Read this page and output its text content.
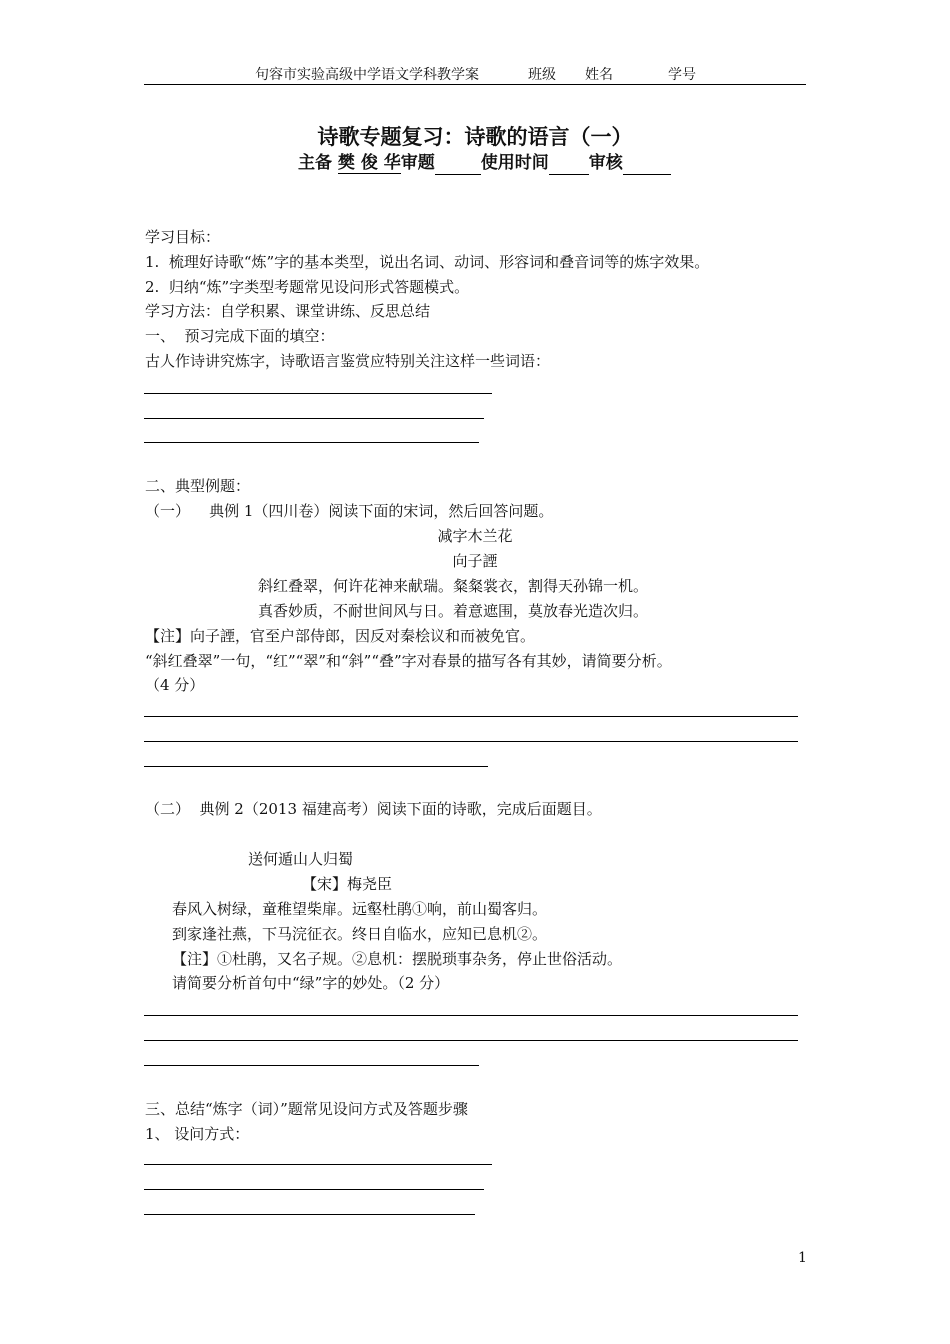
句容市实验高级中学语文学科教学案	班级 姓名	学号
诗歌专题复习：诗歌的语言（一）
主备 樊 俊 华审题	使用时间 审核
学习目标：
1.  梳理好诗歌“炼”字的基本类型，说出名词、动词、形容词和叠音词等的炼字效果。
2.  归纳“炼”字类型考题常见设问形式答题模式。
学习方法：自学积累、课堂讲练、反思总结
一、  预习完成下面的填空：
古人作诗讲究炼字，诗歌语言鉴赏应特别关注这样一些词语：
二、典型例题：
（一）    典例 1（四川卷）阅读下面的宋词，然后回答问题。
减字木兰花
向子諲
斜红叠翠，何许花神来献瑞。粲粲裳衣，割得天孙锦一机。
真香妙质，不耐世间风与日。着意遮围，莫放春光造次归。
【注】向子諲，官至户部侍郎，因反对秦桧议和而被免官。
“斜红叠翠”一句，“红”“翠”和“斜”“叠”字对春景的描写各有其妙，请简要分析。
（4 分）
（二）  典例 2（2013 福建高考）阅读下面的诗歌，完成后面题目。
送何遁山人归蜀
【宋】梅尧臣
春风入树绿，童稚望柴扉。远壑杜鹃①响，前山蜀客归。
到家逢社燕，下马浣征衣。终日自临水，应知已息机②。
【注】①杜鹃，又名子规。②息机：摆脱琐事杂务，停止世俗活动。
请简要分析首句中“绿”字的妙处。（2 分）
三、总结“炼字（词）”题常见设问方式及答题步骤
1、 设问方式：
1
